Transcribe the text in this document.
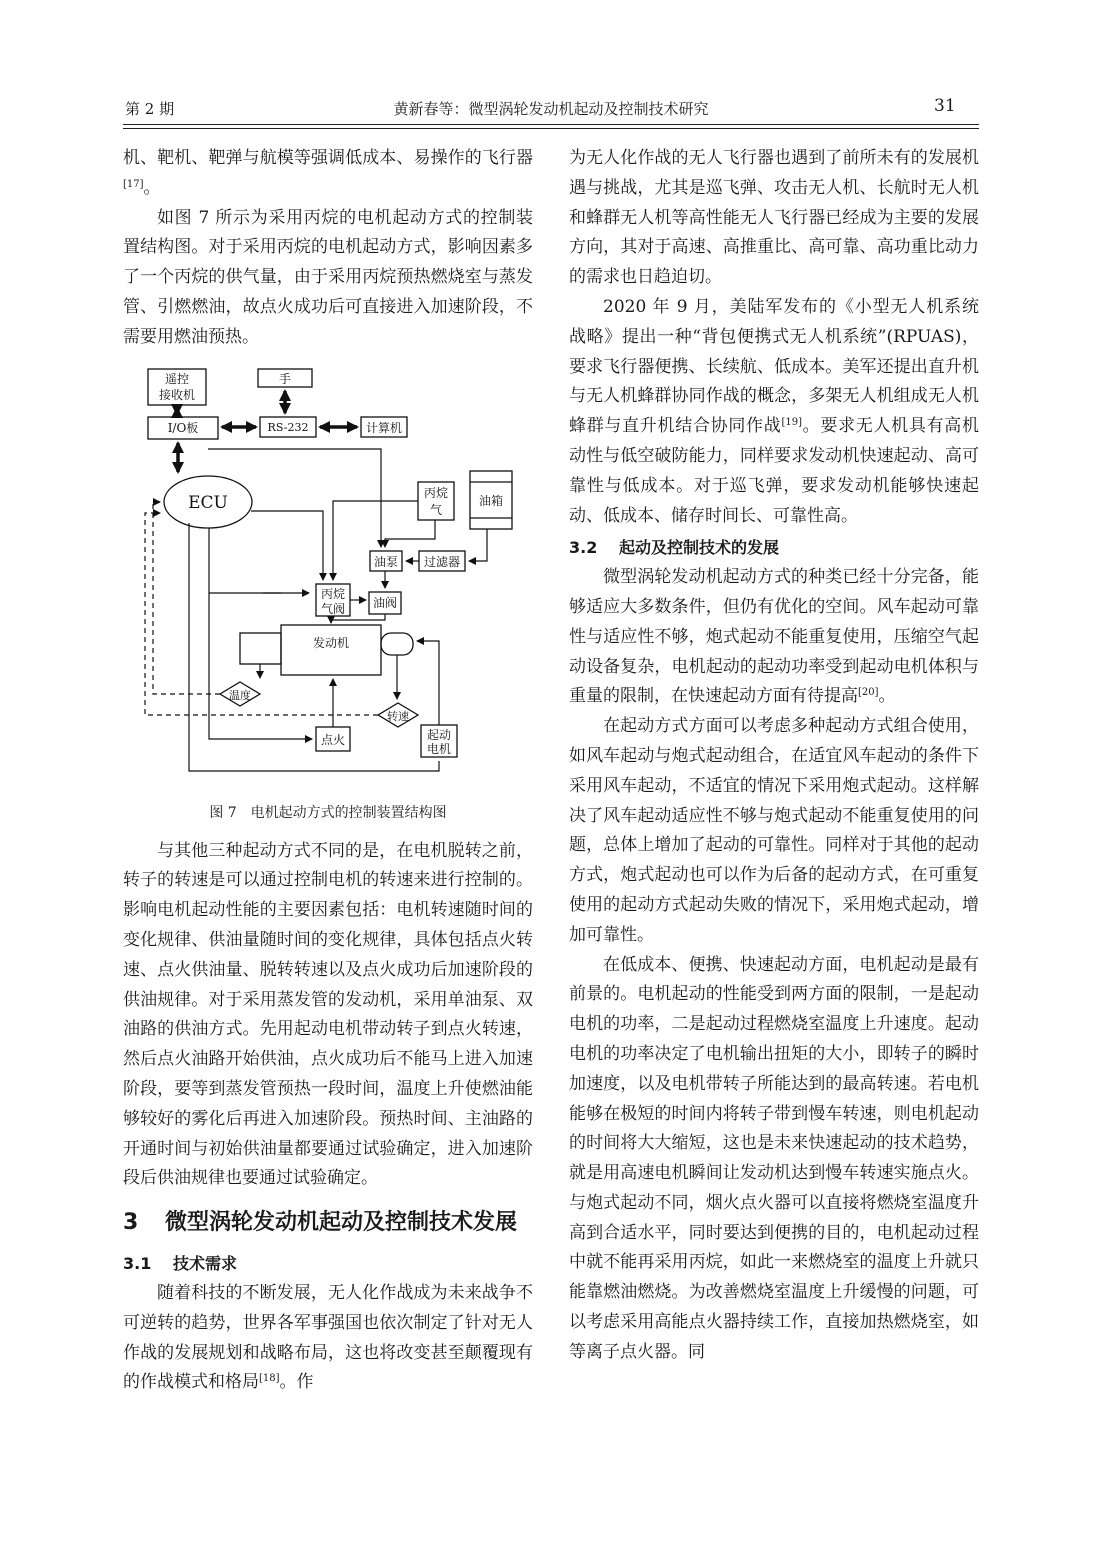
第 2 期	黄新春等：微型涡轮发动机起动及控制技术研究	31

机、靶机、靶弹与航模等强调低成本、易操作的飞行器[17]。

如图 7 所示为采用丙烷的电机起动方式的控制装置结构图。对于采用丙烷的电机起动方式，影响因素多了一个丙烷的供气量，由于采用丙烷预热燃烧室与蒸发管、引燃燃油，故点火成功后可直接进入加速阶段，不需要用燃油预热。

遥控
接收机
手
I/O板	RS-232	计算机
ECU	丙烷
气
油箱
油泵 过滤器
丙烷
气阀 油阀
发动机
温度
转速
点火	起动
电机
图 7　电机起动方式的控制装置结构图

与其他三种起动方式不同的是，在电机脱转之前，转子的转速是可以通过控制电机的转速来进行控制的。影响电机起动性能的主要因素包括：电机转速随时间的变化规律、供油量随时间的变化规律，具体包括点火转速、点火供油量、脱转转速以及点火成功后加速阶段的供油规律。对于采用蒸发管的发动机，采用单油泵、双油路的供油方式。先用起动电机带动转子到点火转速，然后点火油路开始供油，点火成功后不能马上进入加速阶段，要等到蒸发管预热一段时间，温度上升使燃油能够较好的雾化后再进入加速阶段。预热时间、主油路的开通时间与初始供油量都要通过试验确定，进入加速阶段后供油规律也要通过试验确定。

3	微型涡轮发动机起动及控制技术发展
3.1 技术需求

随着科技的不断发展，无人化作战成为未来战争不可逆转的趋势，世界各军事强国也依次制定了针对无人作战的发展规划和战略布局，这也将改变甚至颠覆现有的作战模式和格局[18]。作

为无人化作战的无人飞行器也遇到了前所未有的发展机遇与挑战，尤其是巡飞弹、攻击无人机、长航时无人机和蜂群无人机等高性能无人飞行器已经成为主要的发展方向，其对于高速、高推重比、高可靠、高功重比动力的需求也日趋迫切。

2020 年 9 月，美陆军发布的《小型无人机系统战略》提出一种“背包便携式无人机系统”(RPUAS)，要求飞行器便携、长续航、低成本。美军还提出直升机与无人机蜂群协同作战的概念，多架无人机组成无人机蜂群与直升机结合协同作战[19]。要求无人机具有高机动性与低空破防能力，同样要求发动机快速起动、高可靠性与低成本。对于巡飞弹，要求发动机能够快速起动、低成本、储存时间长、可靠性高。

3.2 起动及控制技术的发展

微型涡轮发动机起动方式的种类已经十分完备，能够适应大多数条件，但仍有优化的空间。风车起动可靠性与适应性不够，炮式起动不能重复使用，压缩空气起动设备复杂，电机起动的起动功率受到起动电机体积与重量的限制，在快速起动方面有待提高[20]。

在起动方式方面可以考虑多种起动方式组合使用，如风车起动与炮式起动组合，在适宜风车起动的条件下采用风车起动，不适宜的情况下采用炮式起动。这样解决了风车起动适应性不够与炮式起动不能重复使用的问题，总体上增加了起动的可靠性。同样对于其他的起动方式，炮式起动也可以作为后备的起动方式，在可重复使用的起动方式起动失败的情况下，采用炮式起动，增加可靠性。

在低成本、便携、快速起动方面，电机起动是最有前景的。电机起动的性能受到两方面的限制，一是起动电机的功率，二是起动过程燃烧室温度上升速度。起动电机的功率决定了电机输出扭矩的大小，即转子的瞬时加速度，以及电机带转子所能达到的最高转速。若电机能够在极短的时间内将转子带到慢车转速，则电机起动的时间将大大缩短，这也是未来快速起动的技术趋势，就是用高速电机瞬间让发动机达到慢车转速实施点火。与炮式起动不同，烟火点火器可以直接将燃烧室温度升高到合适水平，同时要达到便携的目的，电机起动过程中就不能再采用丙烷，如此一来燃烧室的温度上升就只能靠燃油燃烧。为改善燃烧室温度上升缓慢的问题，可以考虑采用高能点火器持续工作，直接加热燃烧室，如等离子点火器。同
